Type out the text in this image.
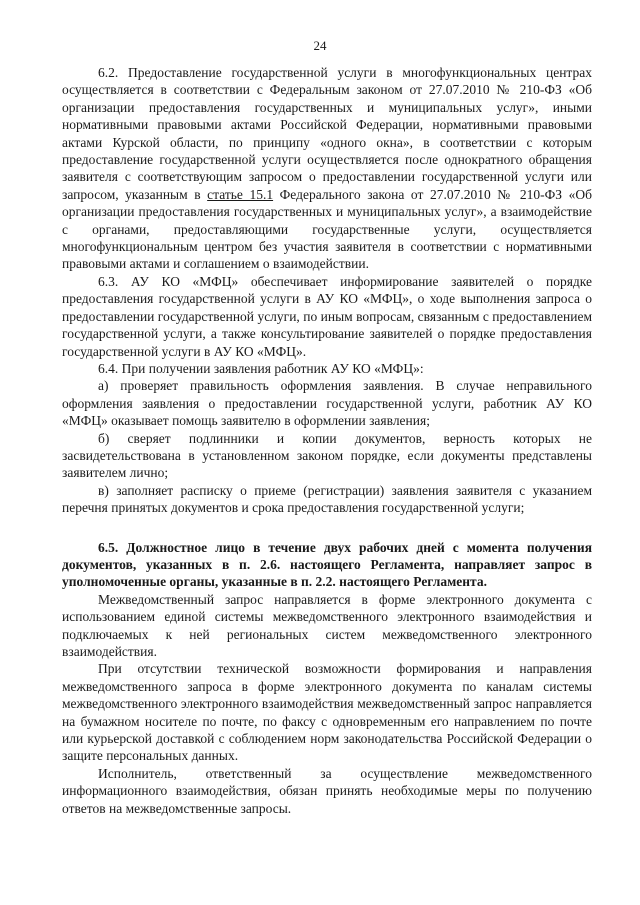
24

6.2. Предоставление государственной услуги в многофункциональных центрах осуществляется в соответствии с Федеральным законом от 27.07.2010 № 210-ФЗ «Об организации предоставления государственных и муниципальных услуг», иными нормативными правовыми актами Российской Федерации, нормативными правовыми актами Курской области, по принципу «одного окна», в соответствии с которым предоставление государственной услуги осуществляется после однократного обращения заявителя с соответствующим запросом о предоставлении государственной услуги или запросом, указанным в статье 15.1 Федерального закона от 27.07.2010 № 210-ФЗ «Об организации предоставления государственных и муниципальных услуг», а взаимодействие с органами, предоставляющими государственные услуги, осуществляется многофункциональным центром без участия заявителя в соответствии с нормативными правовыми актами и соглашением о взаимодействии.

6.3. АУ КО «МФЦ» обеспечивает информирование заявителей о порядке предоставления государственной услуги в АУ КО «МФЦ», о ходе выполнения запроса о предоставлении государственной услуги, по иным вопросам, связанным с предоставлением государственной услуги, а также консультирование заявителей о порядке предоставления государственной услуги в АУ КО «МФЦ».

6.4. При получении заявления работник АУ КО «МФЦ»:

а) проверяет правильность оформления заявления. В случае неправильного оформления заявления о предоставлении государственной услуги, работник АУ КО «МФЦ» оказывает помощь заявителю в оформлении заявления;

б) сверяет подлинники и копии документов, верность которых не засвидетельствована в установленном законом порядке, если документы представлены заявителем лично;

в) заполняет расписку о приеме (регистрации) заявления заявителя с указанием перечня принятых документов и срока предоставления государственной услуги;

6.5. Должностное лицо в течение двух рабочих дней с момента получения документов, указанных в п. 2.6. настоящего Регламента, направляет запрос в уполномоченные органы, указанные в п. 2.2. настоящего Регламента.

Межведомственный запрос направляется в форме электронного документа с использованием единой системы межведомственного электронного взаимодействия и подключаемых к ней региональных систем межведомственного электронного взаимодействия.

При отсутствии технической возможности формирования и направления межведомственного запроса в форме электронного документа по каналам системы межведомственного электронного взаимодействия межведомственный запрос направляется на бумажном носителе по почте, по факсу с одновременным его направлением по почте или курьерской доставкой с соблюдением норм законодательства Российской Федерации о защите персональных данных.

Исполнитель, ответственный за осуществление межведомственного информационного взаимодействия, обязан принять необходимые меры по получению ответов на межведомственные запросы.
